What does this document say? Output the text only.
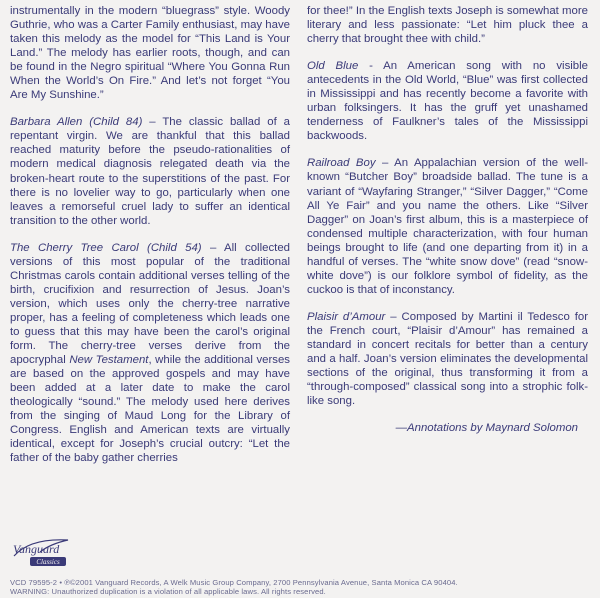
instrumentally in the modern “bluegrass” style. Woody Guthrie, who was a Carter Family enthusiast, may have taken this melody as the model for “This Land is Your Land.” The melody has earlier roots, though, and can be found in the Negro spiritual “Where You Gonna Run When the World’s On Fire.” And let’s not forget “You Are My Sunshine.”

Barbara Allen (Child 84) – The classic ballad of a repentant virgin. We are thankful that this ballad reached maturity before the pseudo-rationalities of modern medical diagnosis relegated death via the broken-heart route to the superstitions of the past. For there is no lovelier way to go, particularly when one leaves a remorseful cruel lady to suffer an identical transition to the other world.

The Cherry Tree Carol (Child 54) – All collected versions of this most popular of the traditional Christmas carols contain additional verses telling of the birth, crucifixion and resurrection of Jesus. Joan’s version, which uses only the cherry-tree narrative proper, has a feeling of completeness which leads one to guess that this may have been the carol’s original form. The cherry-tree verses derive from the apocryphal New Testament, while the additional verses are based on the approved gospels and may have been added at a later date to make the carol theologically “sound.” The melody used here derives from the singing of Maud Long for the Library of Congress. English and American texts are virtually identical, except for Joseph’s crucial outcry: “Let the father of the baby gather cherries

for thee!” In the English texts Joseph is somewhat more literary and less passionate: “Let him pluck thee a cherry that brought thee with child.”

Old Blue - An American song with no visible antecedents in the Old World, “Blue” was first collected in Mississippi and has recently become a favorite with urban folksingers. It has the gruff yet unashamed tenderness of Faulkner’s tales of the Mississippi backwoods.

Railroad Boy – An Appalachian version of the well-known “Butcher Boy” broadside ballad. The tune is a variant of “Wayfaring Stranger,” “Silver Dagger,” “Come All Ye Fair” and you name the others. Like “Silver Dagger” on Joan’s first album, this is a masterpiece of condensed multiple characterization, with four human beings brought to life (and one departing from it) in a handful of verses. The “white snow dove” (read “snow-white dove”) is our folklore symbol of fidelity, as the cuckoo is that of inconstancy.

Plaisir d’Amour – Composed by Martini il Tedesco for the French court, “Plaisir d’Amour” has remained a standard in concert recitals for better than a century and a half. Joan’s version eliminates the developmental sections of the original, thus transforming it from a “through-composed” classical song into a strophic folk-like song.

—Annotations by Maynard Solomon

Vanguard
Classics
VCD 79595-2 • ℗©2001 Vanguard Records, A Welk Music Group Company, 2700 Pennsylvania Avenue, Santa Monica CA 90404.
WARNING: Unauthorized duplication is a violation of all applicable laws. All rights reserved.
